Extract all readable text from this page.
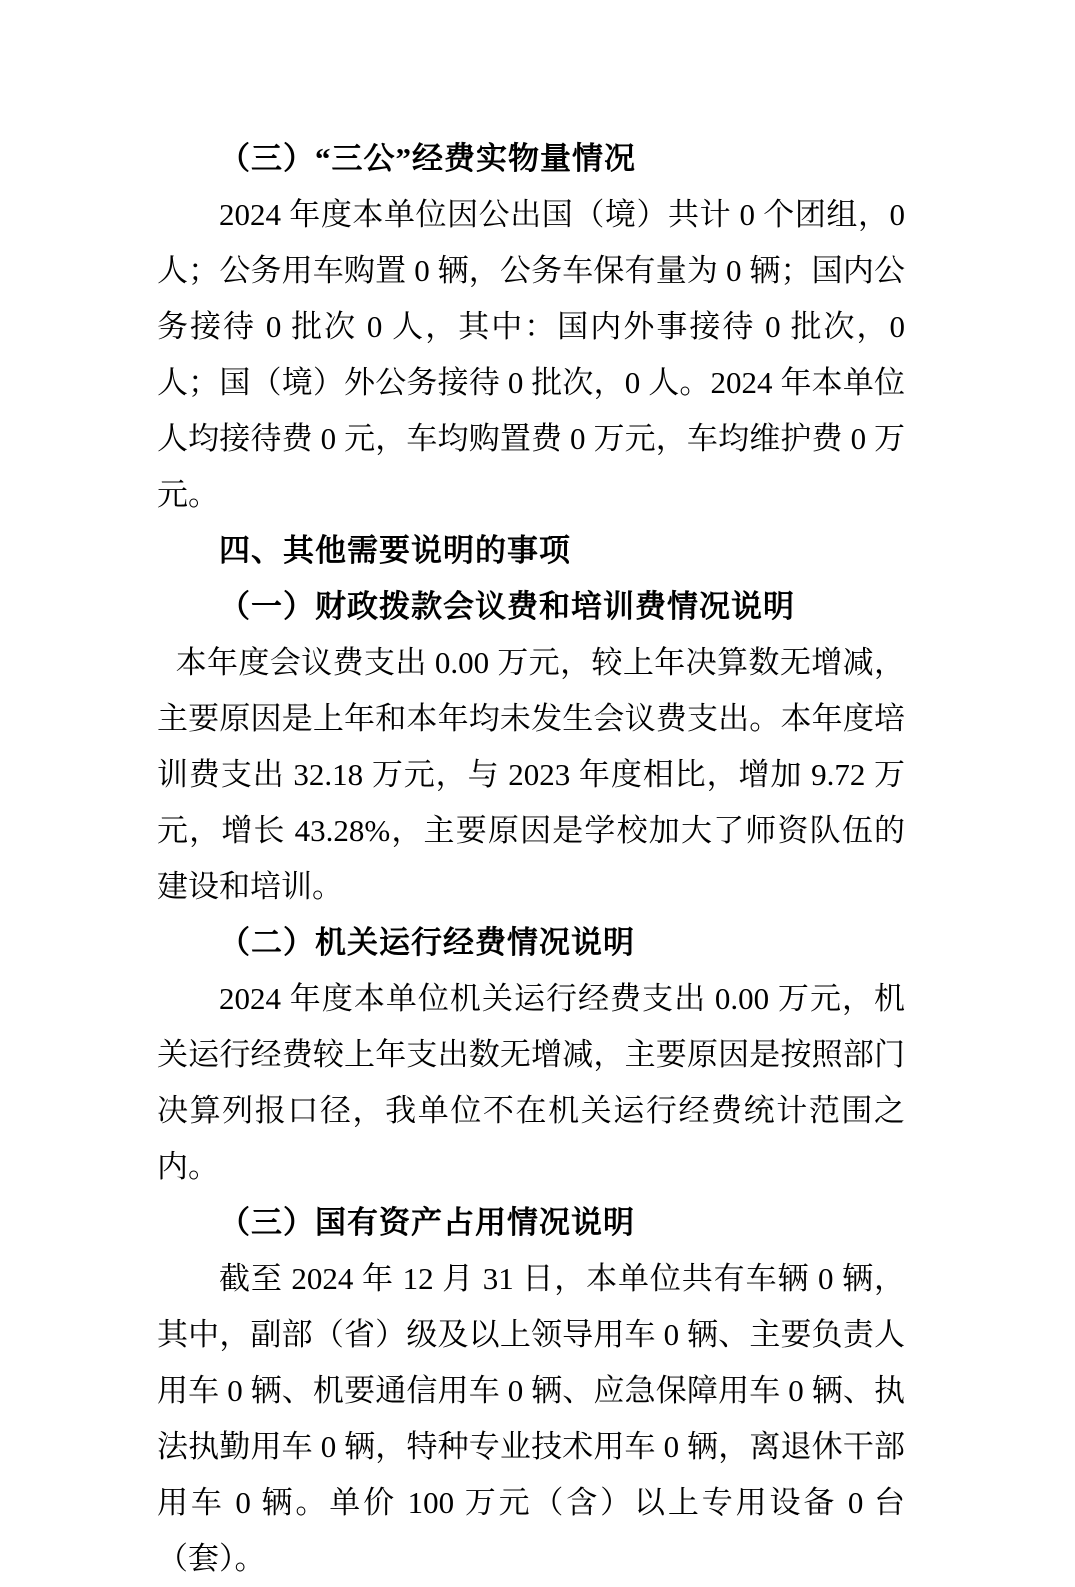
（三）“三公”经费实物量情况

2024 年度本单位因公出国（境）共计 0 个团组，0 人；公务用车购置 0 辆，公务车保有量为 0 辆；国内公务接待 0 批次 0 人，其中：国内外事接待 0 批次，0 人；国（境）外公务接待 0 批次，0 人。2024 年本单位人均接待费 0 元，车均购置费 0 万元，车均维护费 0 万元。

四、其他需要说明的事项
（一）财政拨款会议费和培训费情况说明

本年度会议费支出 0.00 万元，较上年决算数无增减，主要原因是上年和本年均未发生会议费支出。本年度培训费支出 32.18 万元，与 2023 年度相比，增加 9.72 万元，增长 43.28%，主要原因是学校加大了师资队伍的建设和培训。

（二）机关运行经费情况说明

2024 年度本单位机关运行经费支出 0.00 万元，机关运行经费较上年支出数无增减，主要原因是按照部门决算列报口径，我单位不在机关运行经费统计范围之内。

（三）国有资产占用情况说明

截至 2024 年 12 月 31 日，本单位共有车辆 0 辆，其中，副部（省）级及以上领导用车 0 辆、主要负责人用车 0 辆、机要通信用车 0 辆、应急保障用车 0 辆、执法执勤用车 0 辆，特种专业技术用车 0 辆，离退休干部用车 0 辆。单价 100 万元（含）以上专用设备 0 台（套）。
